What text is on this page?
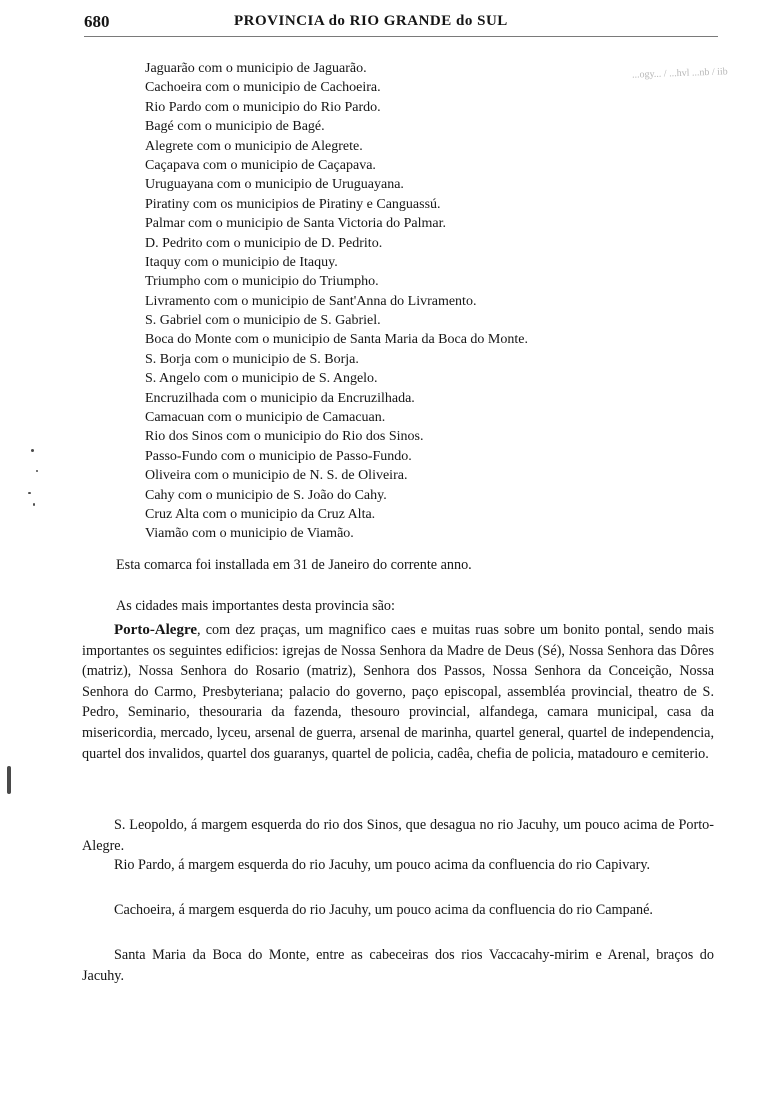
680	PROVINCIA do RIO GRANDE do SUL
...ogy... / ...hvl ...nb / iib
Jaguarão com o municipio de Jaguarão.
Cachoeira com o municipio de Cachoeira.
Rio Pardo com o municipio do Rio Pardo.
Bagé com o municipio de Bagé.
Alegrete com o municipio de Alegrete.
Caçapava com o municipio de Caçapava.
Uruguayana com o municipio de Uruguayana.
Piratiny com os municipios de Piratiny e Canguassú.
Palmar com o municipio de Santa Victoria do Palmar.
D. Pedrito com o municipio de D. Pedrito.
Itaquy com o municipio de Itaquy.
Triumpho com o municipio do Triumpho.
Livramento com o municipio de Sant'Anna do Livramento.
S. Gabriel com o municipio de S. Gabriel.
Boca do Monte com o municipio de Santa Maria da Boca do Monte.
S. Borja com o municipio de S. Borja.
S. Angelo com o municipio de S. Angelo.
Encruzilhada com o municipio da Encruzilhada.
Camacuan com o municipio de Camacuan.
Rio dos Sinos com o municipio do Rio dos Sinos.
Passo-Fundo com o municipio de Passo-Fundo.
Oliveira com o municipio de N. S. de Oliveira.
Cahy com o municipio de S. João do Cahy.
Cruz Alta com o municipio da Cruz Alta.
Viamão com o municipio de Viamão.

Esta comarca foi installada em 31 de Janeiro do corrente anno.

As cidades mais importantes desta provincia são:

Porto-Alegre, com dez praças, um magnifico caes e muitas ruas sobre um bonito pontal, sendo mais importantes os seguintes edificios: igrejas de Nossa Senhora da Madre de Deus (Sé), Nossa Senhora das Dôres (matriz), Nossa Senhora do Rosario (matriz), Senhora dos Passos, Nossa Senhora da Conceição, Nossa Senhora do Carmo, Presbyteriana; palacio do governo, paço episcopal, assembléa provincial, theatro de S. Pedro, Seminario, thesouraria da fazenda, thesouro provincial, alfandega, camara municipal, casa da misericordia, mercado, lyceu, arsenal de guerra, arsenal de marinha, quartel general, quartel de independencia, quartel dos invalidos, quartel dos guaranys, quartel de policia, cadêa, chefia de policia, matadouro e cemiterio.

S. Leopoldo, á margem esquerda do rio dos Sinos, que desagua no rio Jacuhy, um pouco acima de Porto-Alegre.

Rio Pardo, á margem esquerda do rio Jacuhy, um pouco acima da confluencia do rio Capivary.

Cachoeira, á margem esquerda do rio Jacuhy, um pouco acima da confluencia do rio Campané.

Santa Maria da Boca do Monte, entre as cabeceiras dos rios Vaccacahy-mirim e Arenal, braços do Jacuhy.
